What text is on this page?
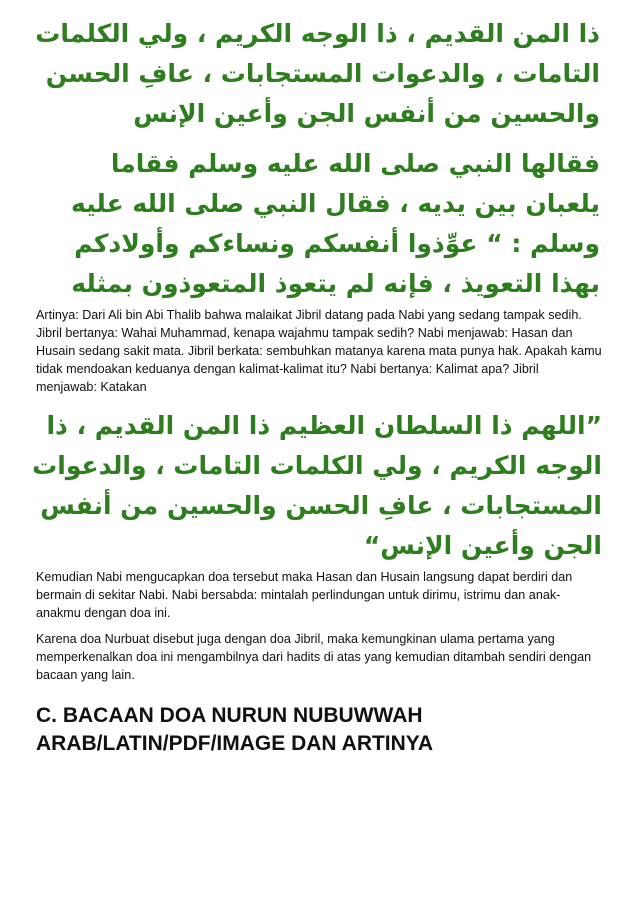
ذا المن القديم ، ذا الوجه الكريم ، ولي الكلمات
التامات ، والدعوات المستجابات ، عافِ الحسن
والحسين من أنفس الجن وأعين الإنس
فقالها النبي صلى الله عليه وسلم فقاما
يلعبان بين يديه ، فقال النبي صلى الله عليه
وسلم : “ عوِّذوا أنفسكم ونساءكم وأولادكم
بهذا التعويذ ، فإنه لم يتعوذ المتعوذون بمثله

Artinya: Dari Ali bin Abi Thalib bahwa malaikat Jibril datang pada Nabi yang sedang tampak sedih. Jibril bertanya: Wahai Muhammad, kenapa wajahmu tampak sedih? Nabi menjawab: Hasan dan Husain sedang sakit mata. Jibril berkata: sembuhkan matanya karena mata punya hak. Apakah kamu tidak mendoakan keduanya dengan kalimat-kalimat itu? Nabi bertanya: Kalimat apa? Jibril menjawab: Katakan

”اللهم ذا السلطان العظيم ذا المن القديم ، ذا
الوجه الكريم ، ولي الكلمات التامات ، والدعوات
المستجابات ، عافِ الحسن والحسين من أنفس
الجن وأعين الإنس“

Kemudian Nabi mengucapkan doa tersebut maka Hasan dan Husain langsung dapat berdiri dan bermain di sekitar Nabi. Nabi bersabda: mintalah perlindungan untuk dirimu, istrimu dan anak-anakmu dengan doa ini.

Karena doa Nurbuat disebut juga dengan doa Jibril, maka kemungkinan ulama pertama yang memperkenalkan doa ini mengambilnya dari hadits di atas yang kemudian ditambah sendiri dengan bacaan yang lain.

C. BACAAN DOA NURUN NUBUWWAH ARAB/LATIN/PDF/IMAGE DAN ARTINYA
